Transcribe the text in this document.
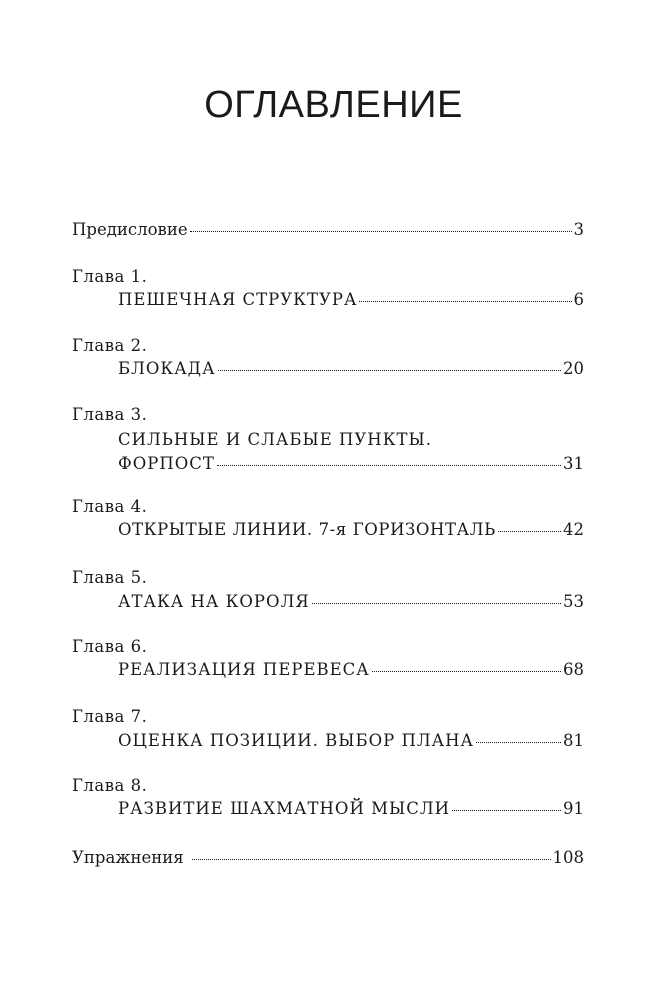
ОГЛАВЛЕНИЕ
Предисловие	3
Глава 1.
ПЕШЕЧНАЯ СТРУКТУРА	6
Глава 2.
БЛОКАДА	20
Глава 3.
СИЛЬНЫЕ И СЛАБЫЕ ПУНКТЫ.
ФОРПОСТ	31
Глава 4.
ОТКРЫТЫЕ ЛИНИИ. 7-я ГОРИЗОНТАЛЬ	42
Глава 5.
АТАКА НА КОРОЛЯ	53
Глава 6.
РЕАЛИЗАЦИЯ ПЕРЕВЕСА	68
Глава 7.
ОЦЕНКА ПОЗИЦИИ. ВЫБОР ПЛАНА	81
Глава 8.
РАЗВИТИЕ ШАХМАТНОЙ МЫСЛИ	91
Упражнения	108
